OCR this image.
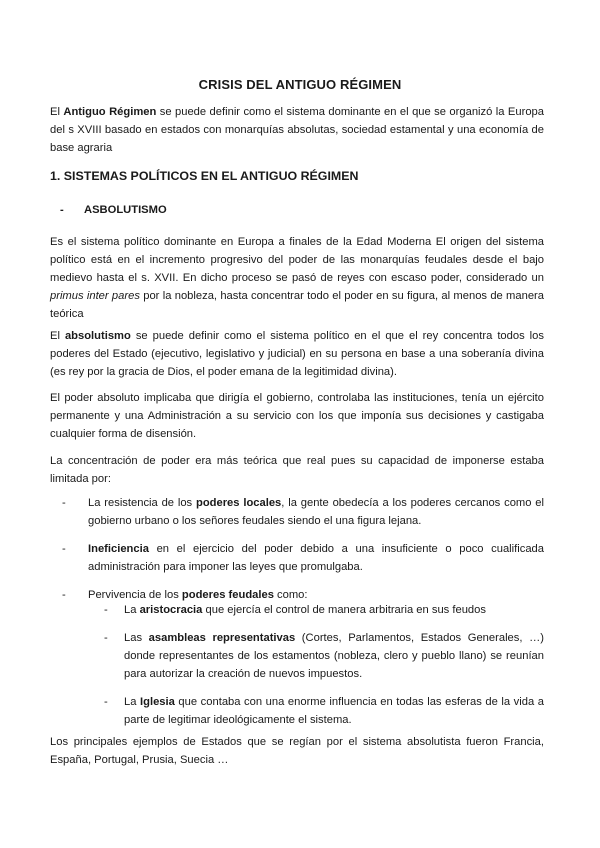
CRISIS DEL ANTIGUO RÉGIMEN
El Antiguo Régimen se puede definir como el sistema dominante en el que se organizó la Europa del s XVIII basado en estados con monarquías absolutas, sociedad estamental y una economía de base agraria
1. SISTEMAS POLÍTICOS EN EL ANTIGUO RÉGIMEN
- ASBOLUTISMO
Es el sistema político dominante en Europa a finales de la Edad Moderna El origen del sistema político está en el incremento progresivo del poder de las monarquías feudales desde el bajo medievo hasta el s. XVII. En dicho proceso se pasó de reyes con escaso poder, considerado un primus inter pares por la nobleza, hasta concentrar todo el poder en su figura, al menos de manera teórica
El absolutismo se puede definir como el sistema político en el que el rey concentra todos los poderes del Estado (ejecutivo, legislativo y judicial) en su persona en base a una soberanía divina (es rey por la gracia de Dios, el poder emana de la legitimidad divina).
El poder absoluto implicaba que dirigía el gobierno, controlaba las instituciones, tenía un ejército permanente y una Administración a su servicio con los que imponía sus decisiones y castigaba cualquier forma de disensión.
La concentración de poder era más teórica que real pues su capacidad de imponerse estaba limitada por:
- La resistencia de los poderes locales, la gente obedecía a los poderes cercanos como el gobierno urbano o los señores feudales siendo el una figura lejana.
- Ineficiencia en el ejercicio del poder debido a una insuficiente o poco cualificada administración para imponer las leyes que promulgaba.
- Pervivencia de los poderes feudales como:
- La aristocracia que ejercía el control de manera arbitraria en sus feudos
- Las asambleas representativas (Cortes, Parlamentos, Estados Generales, …) donde representantes de los estamentos (nobleza, clero y pueblo llano) se reunían para autorizar la creación de nuevos impuestos.
- La Iglesia que contaba con una enorme influencia en todas las esferas de la vida a parte de legitimar ideológicamente el sistema.
Los principales ejemplos de Estados que se regían por el sistema absolutista fueron Francia, España, Portugal, Prusia, Suecia …
